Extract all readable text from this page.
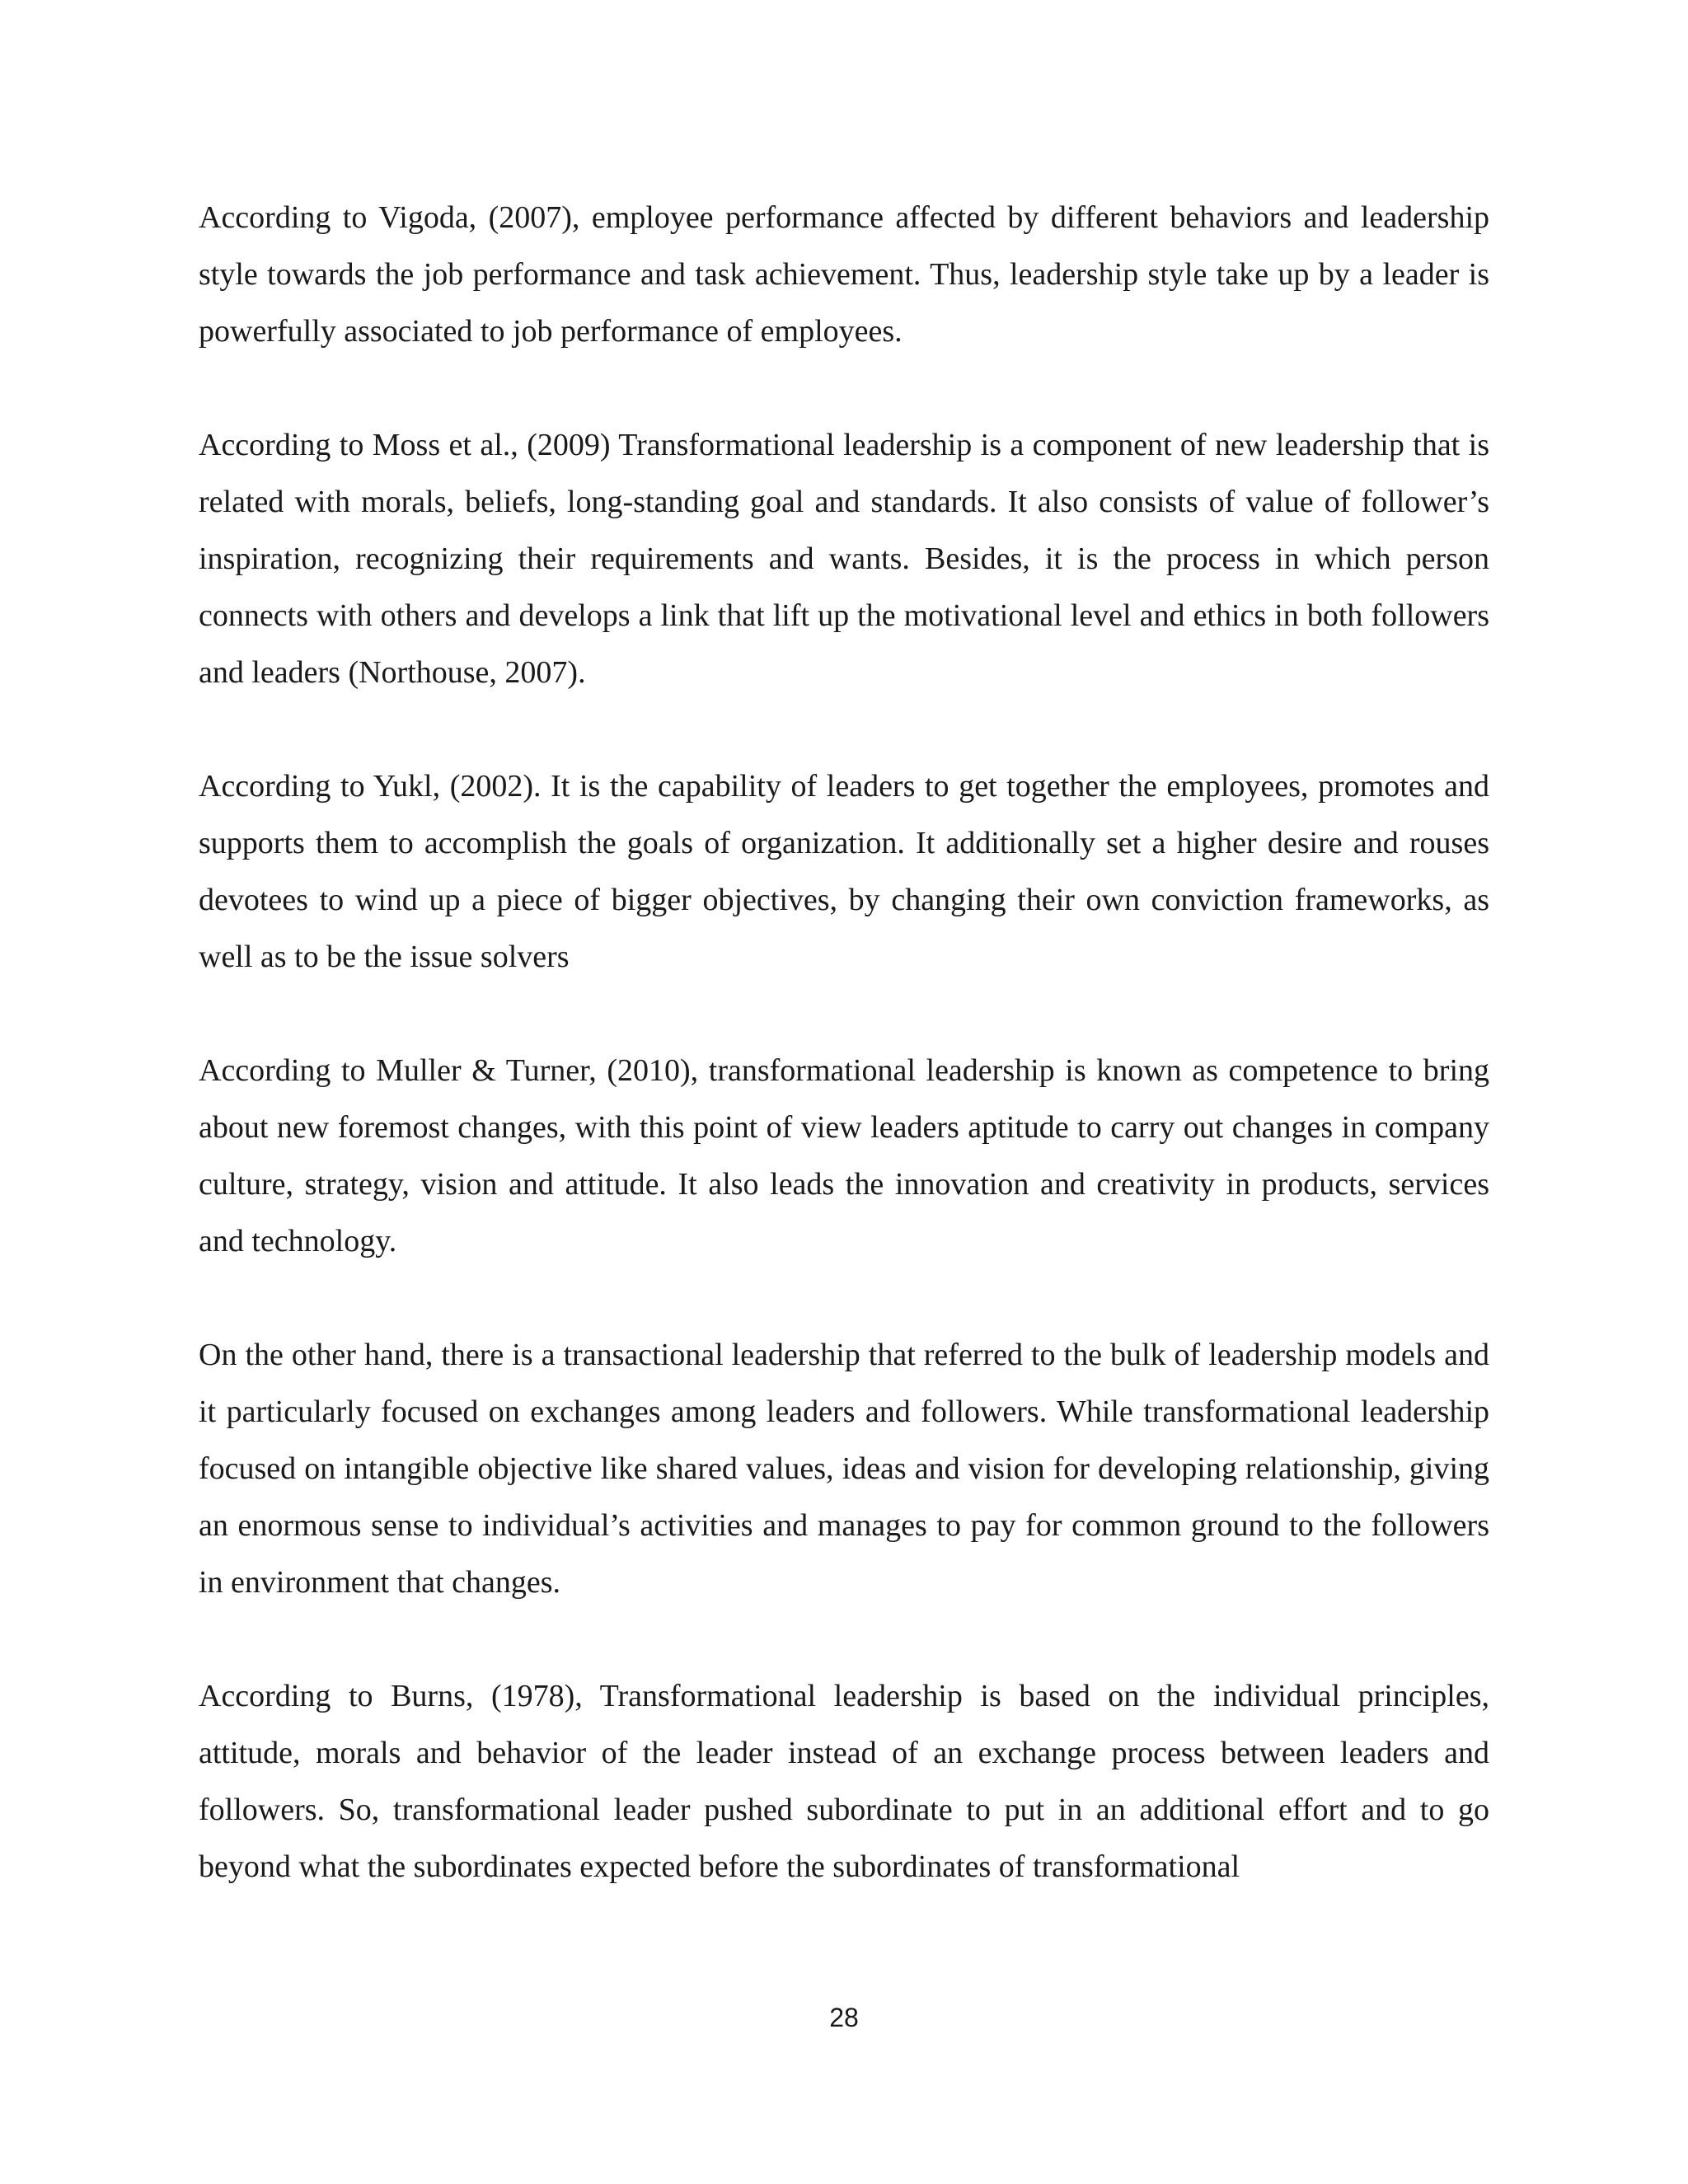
According to Vigoda, (2007), employee performance affected by different behaviors and leadership style towards the job performance and task achievement. Thus, leadership style take up by a leader is powerfully associated to job performance of employees.

According to Moss et al., (2009) Transformational leadership is a component of new leadership that is related with morals, beliefs, long-standing goal and standards. It also consists of value of follower’s inspiration, recognizing their requirements and wants. Besides, it is the process in which person connects with others and develops a link that lift up the motivational level and ethics in both followers and leaders (Northouse, 2007).

According to Yukl, (2002). It is the capability of leaders to get together the employees, promotes and supports them to accomplish the goals of organization. It additionally set a higher desire and rouses devotees to wind up a piece of bigger objectives, by changing their own conviction frameworks, as well as to be the issue solvers

According to Muller & Turner, (2010), transformational leadership is known as competence to bring about new foremost changes, with this point of view leaders aptitude to carry out changes in company culture, strategy, vision and attitude. It also leads the innovation and creativity in products, services and technology.

On the other hand, there is a transactional leadership that referred to the bulk of leadership models and it particularly focused on exchanges among leaders and followers. While transformational leadership focused on intangible objective like shared values, ideas and vision for developing relationship, giving an enormous sense to individual’s activities and manages to pay for common ground to the followers in environment that changes.

According to Burns, (1978), Transformational leadership is based on the individual principles, attitude, morals and behavior of the leader instead of an exchange process between leaders and followers. So, transformational leader pushed subordinate to put in an additional effort and to go beyond what the subordinates expected before the subordinates of transformational

28
